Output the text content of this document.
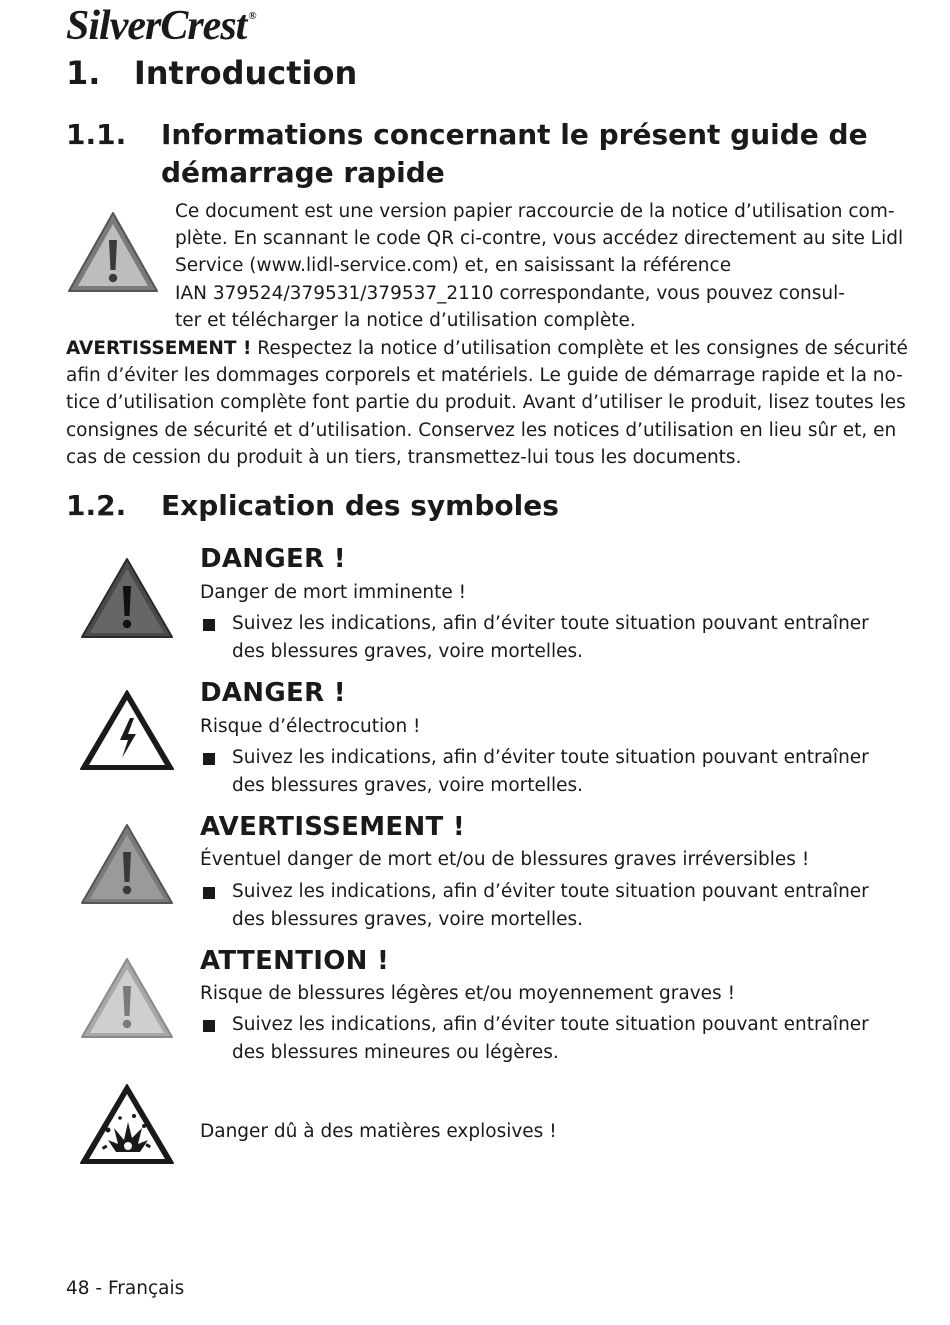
SilverCrest ®
1.   Introduction
1.1. Informations concernant le présent guide de
démarrage rapide
Ce document est une version papier raccourcie de la notice d’utilisation com-
plète. En scannant le code QR ci-contre, vous accédez directement au site Lidl
Service (www.lidl-service.com) et, en saisissant la référence
IAN 379524/379531/379537_2110 correspondante, vous pouvez consul-
ter et télécharger la notice d’utilisation complète.
AVERTISSEMENT ! Respectez la notice d’utilisation complète et les consignes de sécurité
afin d’éviter les dommages corporels et matériels. Le guide de démarrage rapide et la no-
tice d’utilisation complète font partie du produit. Avant d’utiliser le produit, lisez toutes les
consignes de sécurité et d’utilisation. Conservez les notices d’utilisation en lieu sûr et, en
cas de cession du produit à un tiers, transmettez-lui tous les documents.
1.2. Explication des symboles
DANGER !
Danger de mort imminente !
Suivez les indications, afin d’éviter toute situation pouvant entraîner
des blessures graves, voire mortelles.
DANGER !
Risque d’électrocution !
Suivez les indications, afin d’éviter toute situation pouvant entraîner
des blessures graves, voire mortelles.
AVERTISSEMENT !
Éventuel danger de mort et/ou de blessures graves irréversibles !
Suivez les indications, afin d’éviter toute situation pouvant entraîner
des blessures graves, voire mortelles.
ATTENTION !
Risque de blessures légères et/ou moyennement graves !
Suivez les indications, afin d’éviter toute situation pouvant entraîner
des blessures mineures ou légères.
Danger dû à des matières explosives !
48 - Français
